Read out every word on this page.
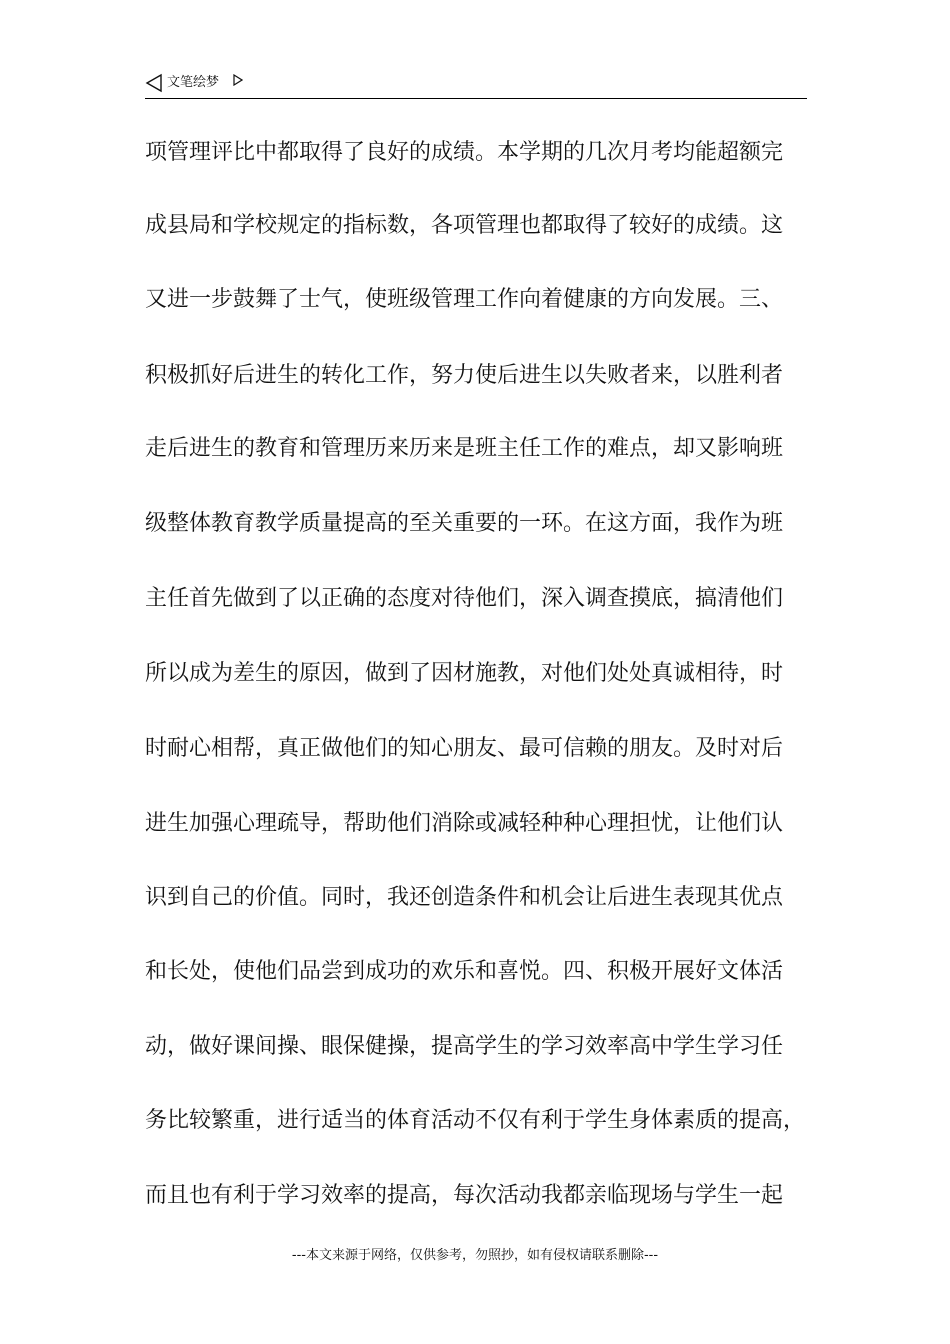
文笔绘梦
项管理评比中都取得了良好的成绩。本学期的几次月考均能超额完
成县局和学校规定的指标数，各项管理也都取得了较好的成绩。这
又进一步鼓舞了士气，使班级管理工作向着健康的方向发展。三、
积极抓好后进生的转化工作，努力使后进生以失败者来，以胜利者
走后进生的教育和管理历来历来是班主任工作的难点，却又影响班
级整体教育教学质量提高的至关重要的一环。在这方面，我作为班
主任首先做到了以正确的态度对待他们，深入调查摸底，搞清他们
所以成为差生的原因，做到了因材施教，对他们处处真诚相待，时
时耐心相帮，真正做他们的知心朋友、最可信赖的朋友。及时对后
进生加强心理疏导，帮助他们消除或减轻种种心理担忧，让他们认
识到自己的价值。同时，我还创造条件和机会让后进生表现其优点
和长处，使他们品尝到成功的欢乐和喜悦。四、积极开展好文体活
动，做好课间操、眼保健操，提高学生的学习效率高中学生学习任
务比较繁重，进行适当的体育活动不仅有利于学生身体素质的提高，
而且也有利于学习效率的提高，每次活动我都亲临现场与学生一起
---本文来源于网络，仅供参考，勿照抄，如有侵权请联系删除---
